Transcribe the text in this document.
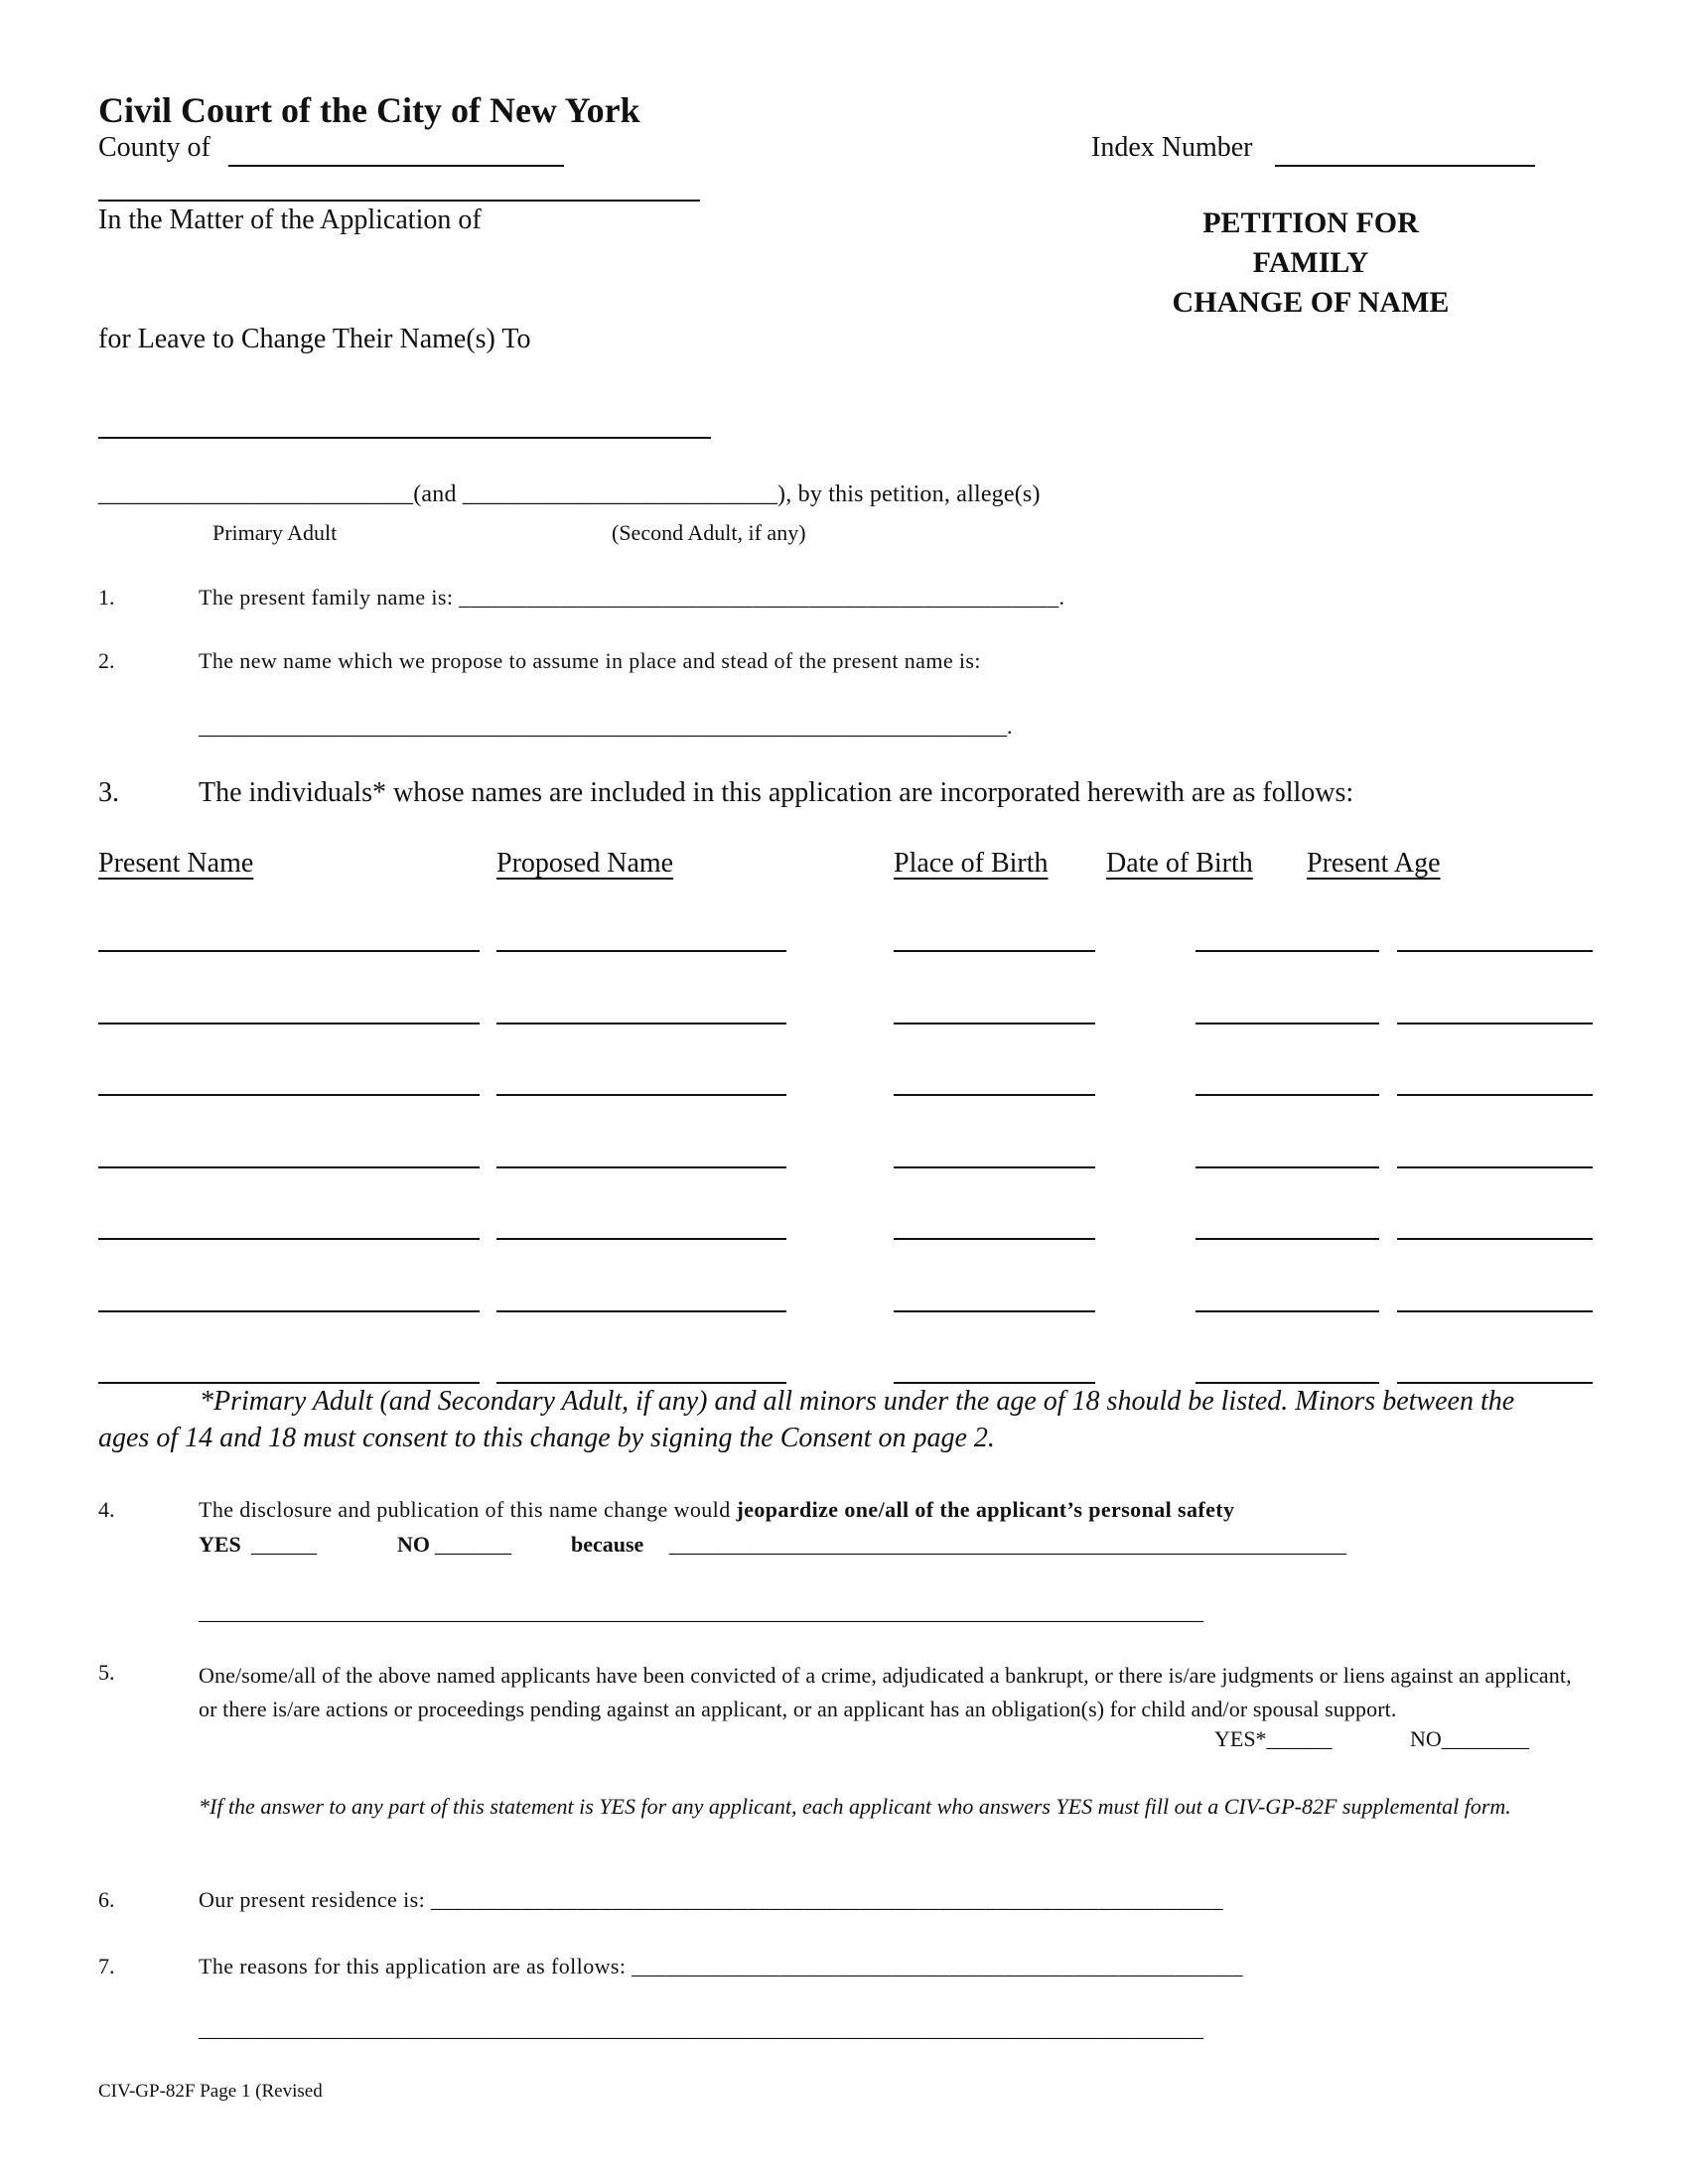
Civil Court of the City of New York
County of	Index Number
In the Matter of the Application of
for Leave to Change Their Name(s) To
PETITION FOR
FAMILY
CHANGE OF NAME
__________________________(and __________________________), by this petition, allege(s)
Primary Adult	(Second Adult, if any)
1.	The present family name is: _____________________________________________________.
2.	The new name which we propose to assume in place and stead of the present name is:
__________________________________________________________________________.
3.	The individuals* whose names are included in this application are incorporated herewith are as follows:
Present Name	Proposed Name	Place of Birth Date of Birth Present Age
*Primary Adult (and Secondary Adult, if any) and all minors under the age of 18 should be listed. Minors between the ages of 14 and 18 must consent to this change by signing the Consent on page 2.
4.	The disclosure and publication of this name change would jeopardize one/all of the applicant’s personal safety
YES ______	NO _______	because ______________________________________________________________
____________________________________________________________________________________________
5.	One/some/all of the above named applicants have been convicted of a crime, adjudicated a bankrupt, or there is/are judgments or liens against an applicant, or there is/are actions or proceedings pending against an applicant, or an applicant has an obligation(s) for child and/or spousal support.
YES*______	NO________
*If the answer to any part of this statement is YES for any applicant, each applicant who answers YES must fill out a CIV-GP-82F supplemental form.
6.	Our present residence is: ______________________________________________________________________
7.	The reasons for this application are as follows: ______________________________________________________
____________________________________________________________________________________________
CIV-GP-82F Page 1 (Revised
